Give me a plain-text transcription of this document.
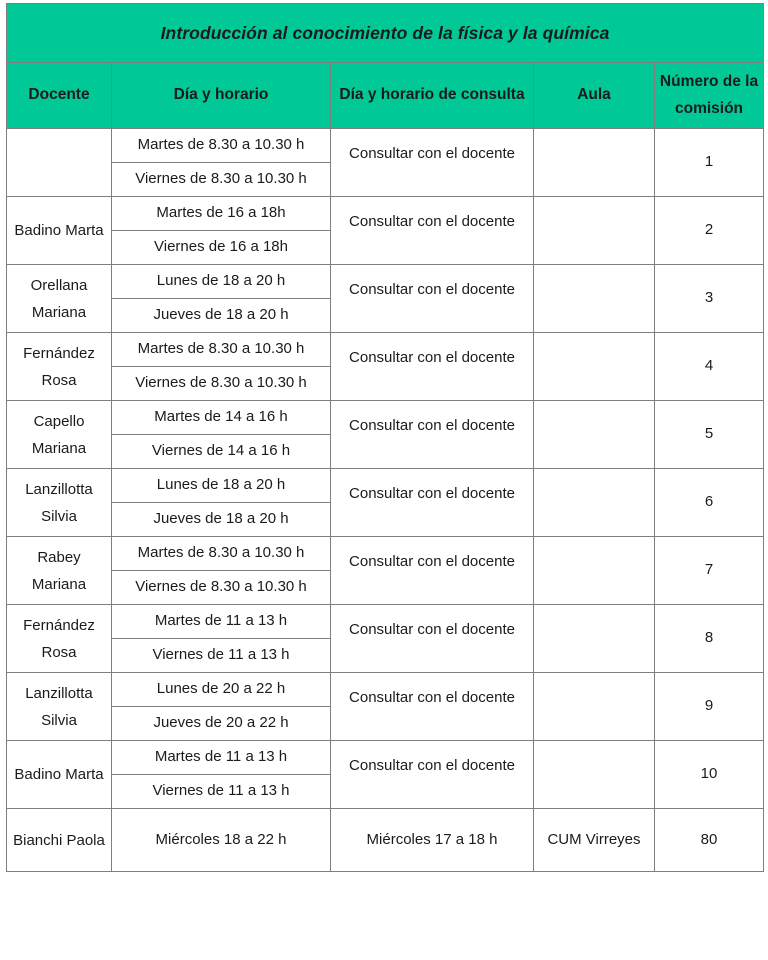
Introducción al conocimiento de la física y la química				
Docente	Día y horario	Día y horario de consulta	Aula	Número de la comisión
	Martes de 8.30 a 10.30 h	Consultar con el docente		1
	Viernes de 8.30 a 10.30 h			
Badino Marta	Martes de 16 a 18h	Consultar con el docente		2
	Viernes de 16 a 18h			
Orellana Mariana	Lunes de 18 a 20 h	Consultar con el docente		3
	Jueves de 18 a 20 h			
Fernández Rosa	Martes de 8.30 a 10.30 h	Consultar con el docente		4
	Viernes de 8.30 a 10.30 h			
Capello Mariana	Martes de 14 a 16 h	Consultar con el docente		5
	Viernes de 14 a 16 h			
Lanzillotta Silvia	Lunes de 18 a 20 h	Consultar con el docente		6
	Jueves de 18 a 20 h			
Rabey Mariana	Martes de 8.30 a 10.30 h	Consultar con el docente		7
	Viernes de 8.30 a 10.30 h			
Fernández Rosa	Martes de 11 a 13 h	Consultar con el docente		8
	Viernes de 11 a 13 h			
Lanzillotta Silvia	Lunes de 20 a 22 h	Consultar con el docente		9
	Jueves de 20 a 22 h			
Badino Marta	Martes de 11 a 13 h	Consultar con el docente		10
	Viernes de 11 a 13 h			
Bianchi Paola	Miércoles 18 a 22 h	Miércoles 17 a 18 h	CUM Virreyes	80
